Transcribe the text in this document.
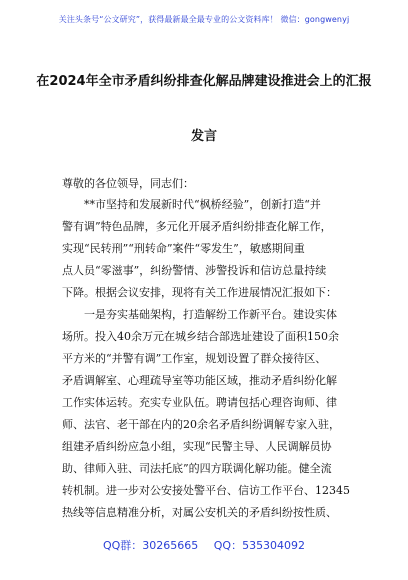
关注头条号“公文研究”，获得最新最全最专业的公文资料库！ 微信：gongwenyj
在2024年全市矛盾纠纷排查化解品牌建设推进会上的汇报
发言
尊敬的各位领导，同志们：

**市坚持和发展新时代“枫桥经验”，创新打造“并
警有调”特色品牌，多元化开展矛盾纠纷排查化解工作，
实现“民转刑”“刑转命”案件“零发生”，敏感期间重
点人员“零滋事”，纠纷警情、涉警投诉和信访总量持续
下降。根据会议安排，现将有关工作进展情况汇报如下：

一是夯实基础架构，打造解纷工作新平台。建设实体
场所。投入40余万元在城乡结合部选址建设了面积150余
平方米的“并警有调”工作室，规划设置了群众接待区、
矛盾调解室、心理疏导室等功能区域，推动矛盾纠纷化解
工作实体运转。充实专业队伍。聘请包括心理咨询师、律
师、法官、老干部在内的20余名矛盾纠纷调解专家入驻，
组建矛盾纠纷应急小组，实现“民警主导、人民调解员协
助、律师入驻、司法托底”的四方联调化解功能。健全流
转机制。进一步对公安接处警平台、信访工作平台、12345
热线等信息精准分析，对属公安机关的矛盾纠纷按性质、

QQ群：30265665 QQ：535304092
